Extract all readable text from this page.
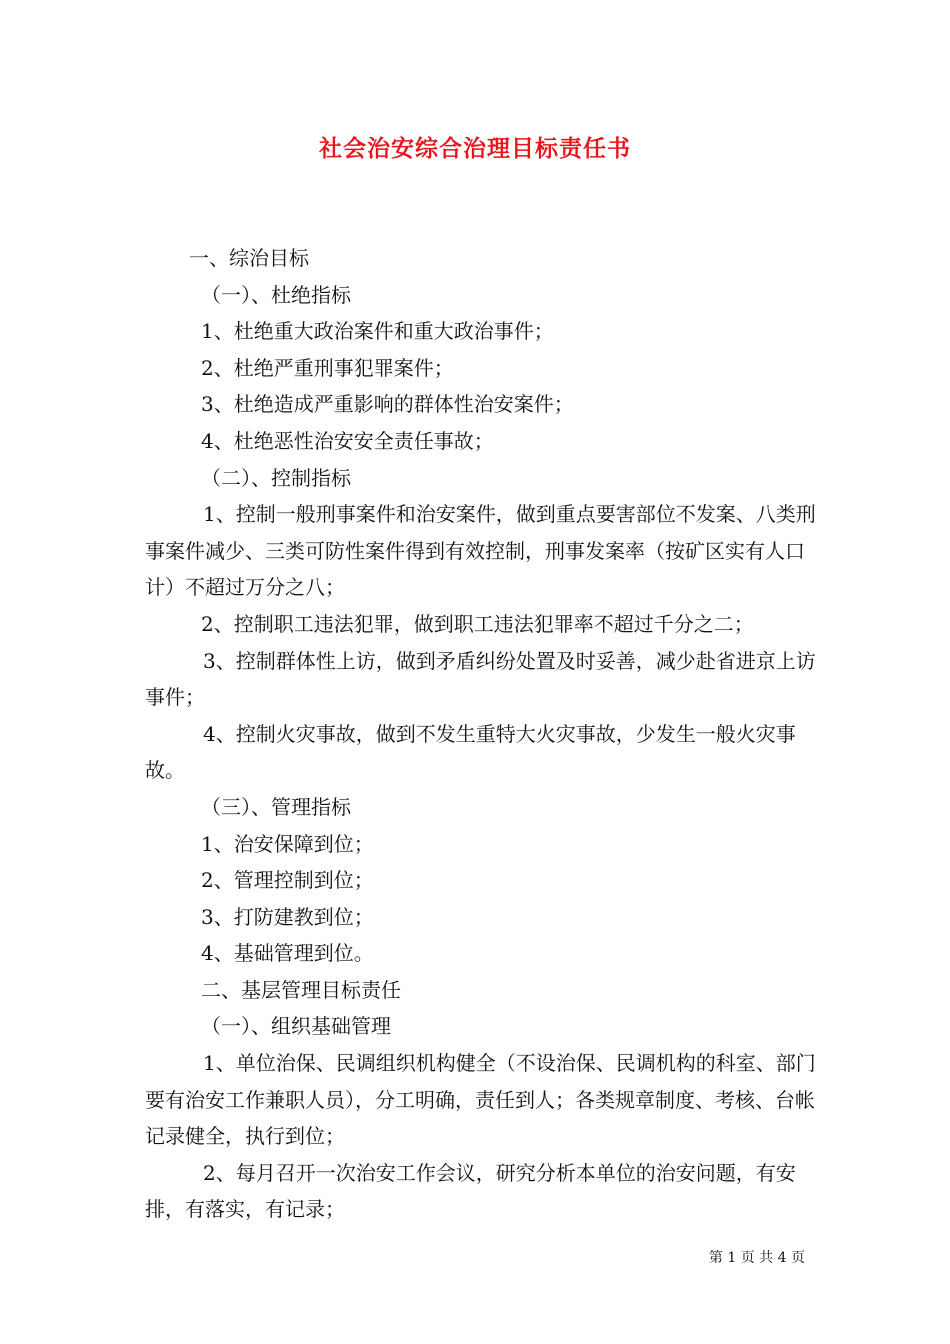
社会治安综合治理目标责任书

一、综治目标

（一）、杜绝指标

1、杜绝重大政治案件和重大政治事件；

2、杜绝严重刑事犯罪案件；

3、杜绝造成严重影响的群体性治安案件；

4、杜绝恶性治安安全责任事故；

（二）、控制指标

1、控制一般刑事案件和治安案件，做到重点要害部位不发案、八类刑事案件减少、三类可防性案件得到有效控制，刑事发案率（按矿区实有人口计）不超过万分之八；

2、控制职工违法犯罪，做到职工违法犯罪率不超过千分之二；

3、控制群体性上访，做到矛盾纠纷处置及时妥善，减少赴省进京上访事件；

4、控制火灾事故，做到不发生重特大火灾事故，少发生一般火灾事故。

（三）、管理指标

1、治安保障到位；

2、管理控制到位；

3、打防建教到位；

4、基础管理到位。

二、基层管理目标责任

（一）、组织基础管理

1、单位治保、民调组织机构健全（不设治保、民调机构的科室、部门要有治安工作兼职人员），分工明确，责任到人；各类规章制度、考核、台帐记录健全，执行到位；

2、每月召开一次治安工作会议，研究分析本单位的治安问题，有安排，有落实，有记录；

第 1 页 共 4 页
